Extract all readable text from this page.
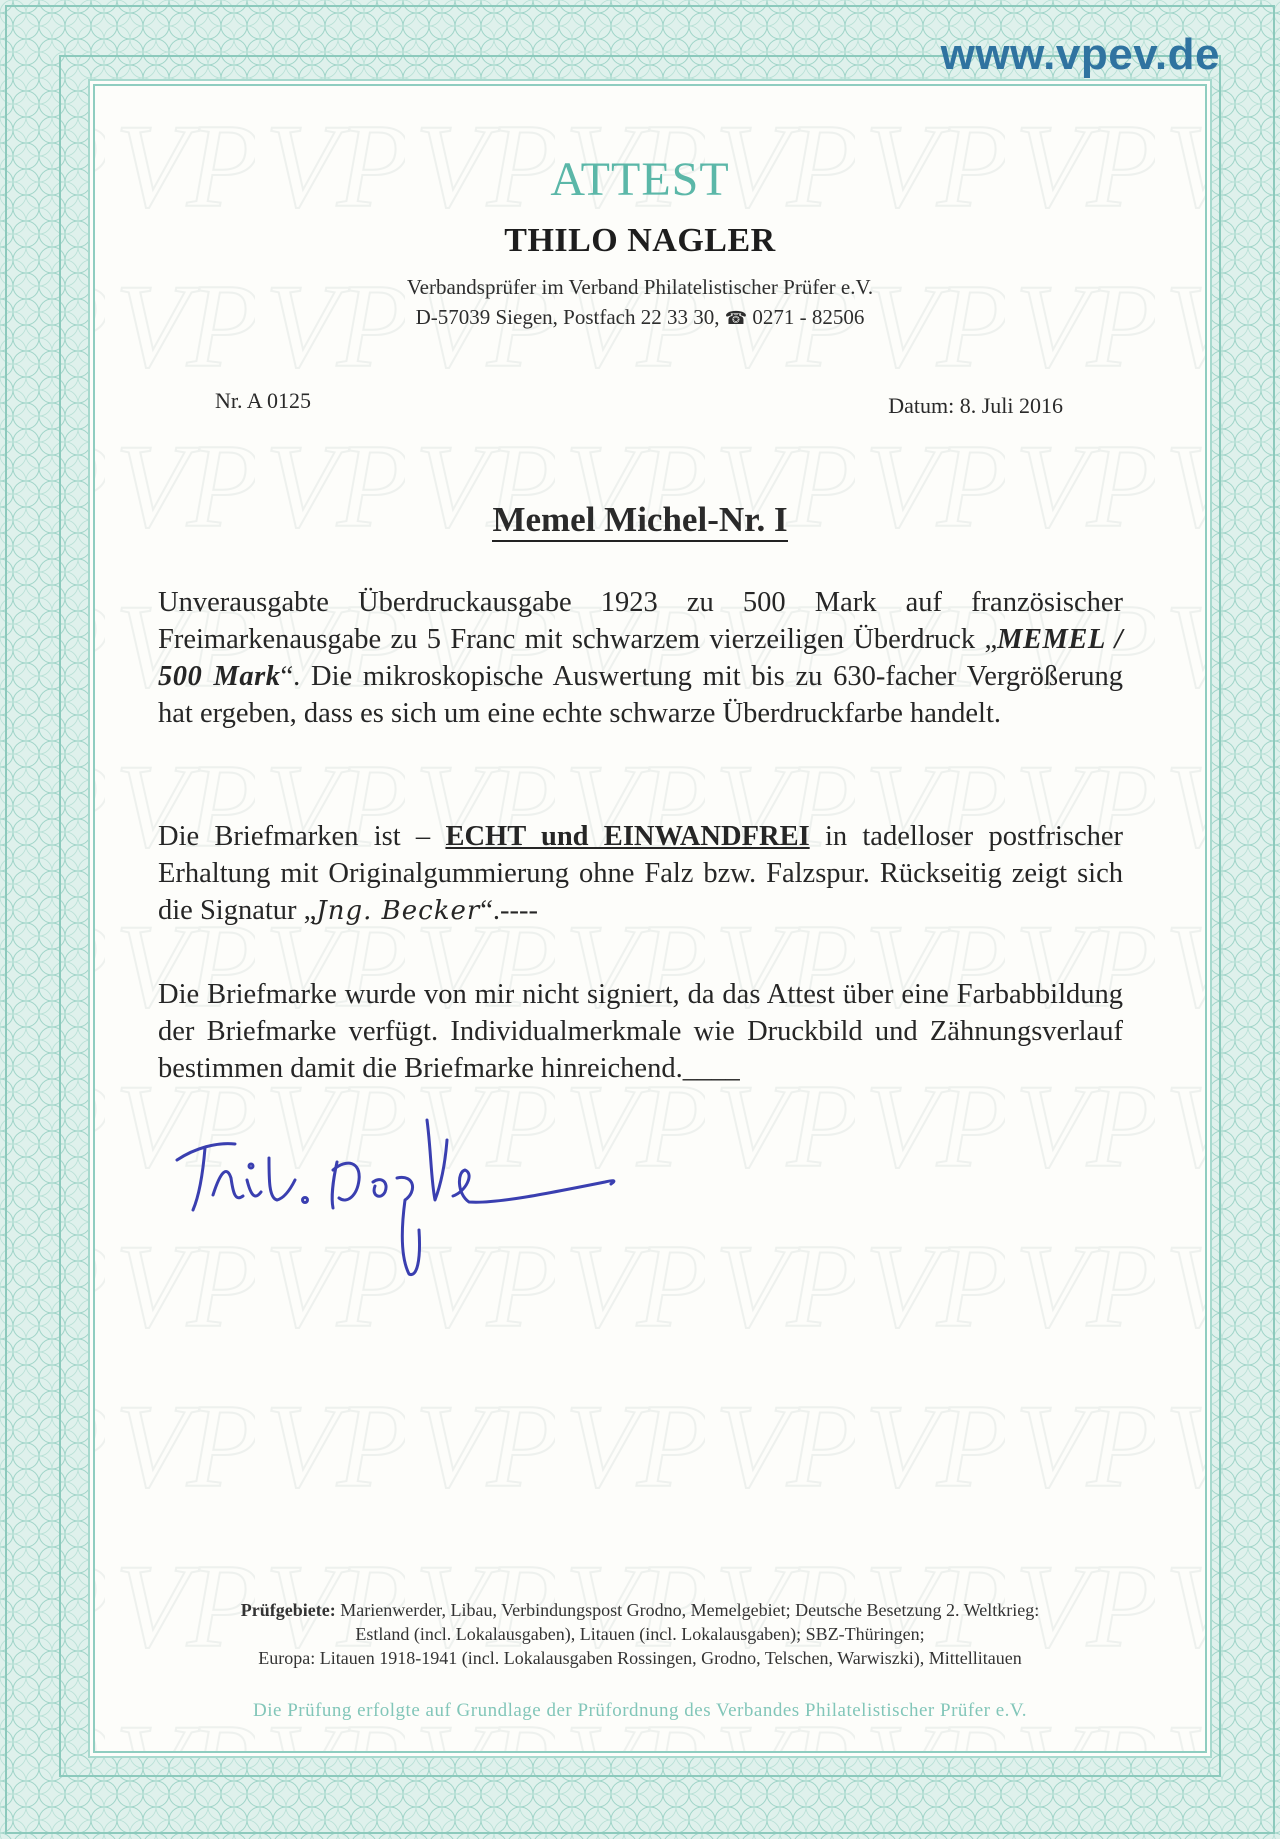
www.vpev.de
ATTEST
THILO NAGLER
Verbandsprüfer im Verband Philatelistischer Prüfer e.V.
D-57039 Siegen, Postfach 22 33 30, ☎ 0271 - 82506
Nr. A 0125	Datum: 8. Juli 2016
Memel Michel-Nr. I
Unverausgabte Überdruckausgabe 1923 zu 500 Mark auf französischer Freimarkenausgabe zu 5 Franc mit schwarzem vierzeiligen Überdruck „MEMEL / 500 Mark“. Die mikroskopische Auswertung mit bis zu 630-facher Vergrößerung hat ergeben, dass es sich um eine echte schwarze Überdruckfarbe handelt.
Die Briefmarken ist – ECHT und EINWANDFREI in tadelloser postfrischer Erhaltung mit Originalgummierung ohne Falz bzw. Falzspur. Rückseitig zeigt sich die Signatur „Jng. Becker“.----
Die Briefmarke wurde von mir nicht signiert, da das Attest über eine Farbabbildung der Briefmarke verfügt. Individualmerkmale wie Druckbild und Zähnungsverlauf bestimmen damit die Briefmarke hinreichend.____
Prüfgebiete: Marienwerder, Libau, Verbindungspost Grodno, Memelgebiet; Deutsche Besetzung 2. Weltkrieg:
Estland (incl. Lokalausgaben), Litauen (incl. Lokalausgaben); SBZ-Thüringen;
Europa: Litauen 1918-1941 (incl. Lokalausgaben Rossingen, Grodno, Telschen, Warwiszki), Mittellitauen
Die Prüfung erfolgte auf Grundlage der Prüfordnung des Verbandes Philatelistischer Prüfer e.V.
